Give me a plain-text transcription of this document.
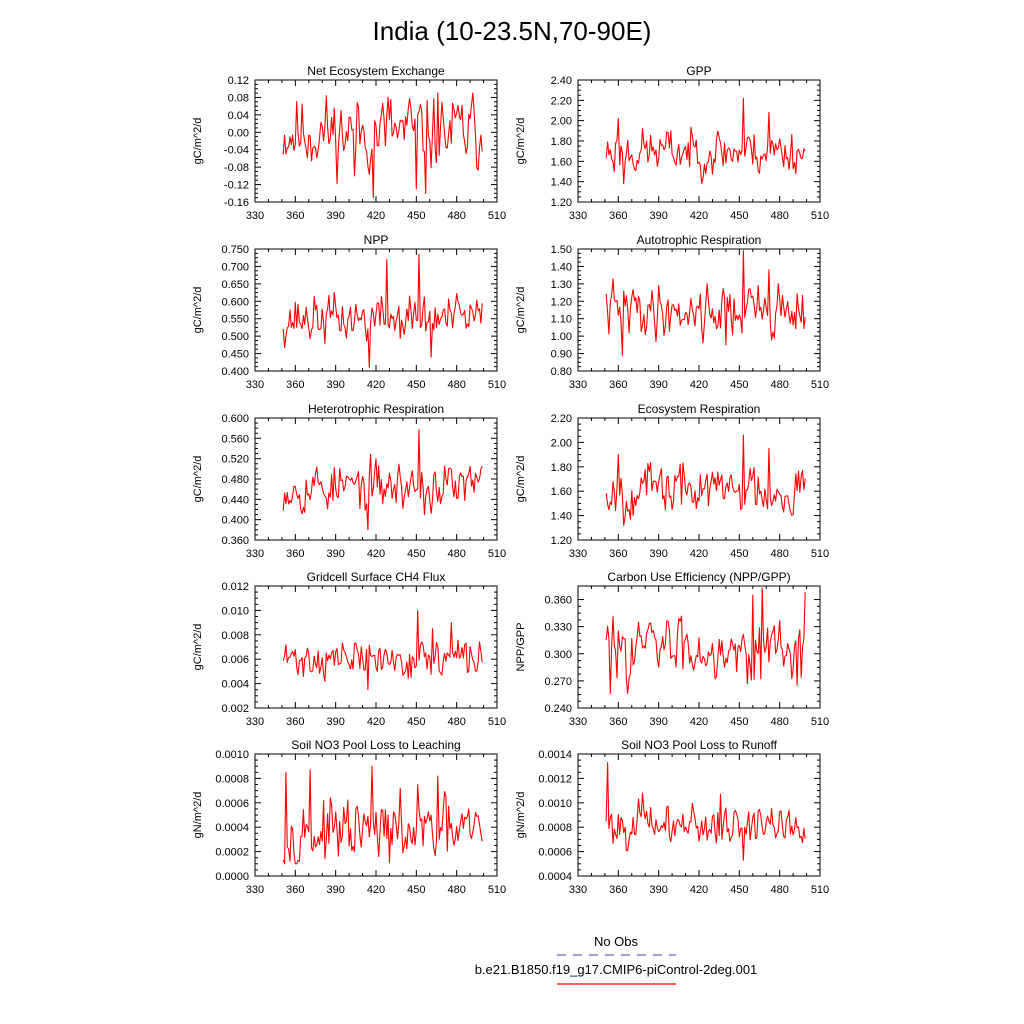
India (10-23.5N,70-90E)
Net Ecosystem Exchange
gC/m^2/d
330 360 390 420 450 480 510
-0.16
-0.12
-0.08
-0.04
0.00
0.04
0.08
0.12
GPP
gC/m^2/d
330 360 390 420 450 480 510
1.20
1.40
1.60
1.80
2.00
2.20
2.40
NPP
gC/m^2/d
330 360 390 420 450 480 510
0.400
0.450
0.500
0.550
0.600
0.650
0.700
0.750
Autotrophic Respiration
gC/m^2/d
330 360 390 420 450 480 510
0.80
0.90
1.00
1.10
1.20
1.30
1.40
1.50
Heterotrophic Respiration
gC/m^2/d
330 360 390 420 450 480 510
0.360
0.400
0.440
0.480
0.520
0.560
0.600
Ecosystem Respiration
gC/m^2/d
330 360 390 420 450 480 510
1.20
1.40
1.60
1.80
2.00
2.20
Gridcell Surface CH4 Flux
gC/m^2/d
330 360 390 420 450 480 510
0.002
0.004
0.006
0.008
0.010
0.012
Carbon Use Efficiency (NPP/GPP)
NPP/GPP
330 360 390 420 450 480 510
0.240
0.270
0.300
0.330
0.360
Soil NO3 Pool Loss to Leaching
gN/m^2/d
330 360 390 420 450 480 510
0.0000
0.0002
0.0004
0.0006
0.0008
0.0010
Soil NO3 Pool Loss to Runoff
gN/m^2/d
330 360 390 420 450 480 510
0.0004
0.0006
0.0008
0.0010
0.0012
0.0014
No Obs
b.e21.B1850.f19_g17.CMIP6-piControl-2deg.001
